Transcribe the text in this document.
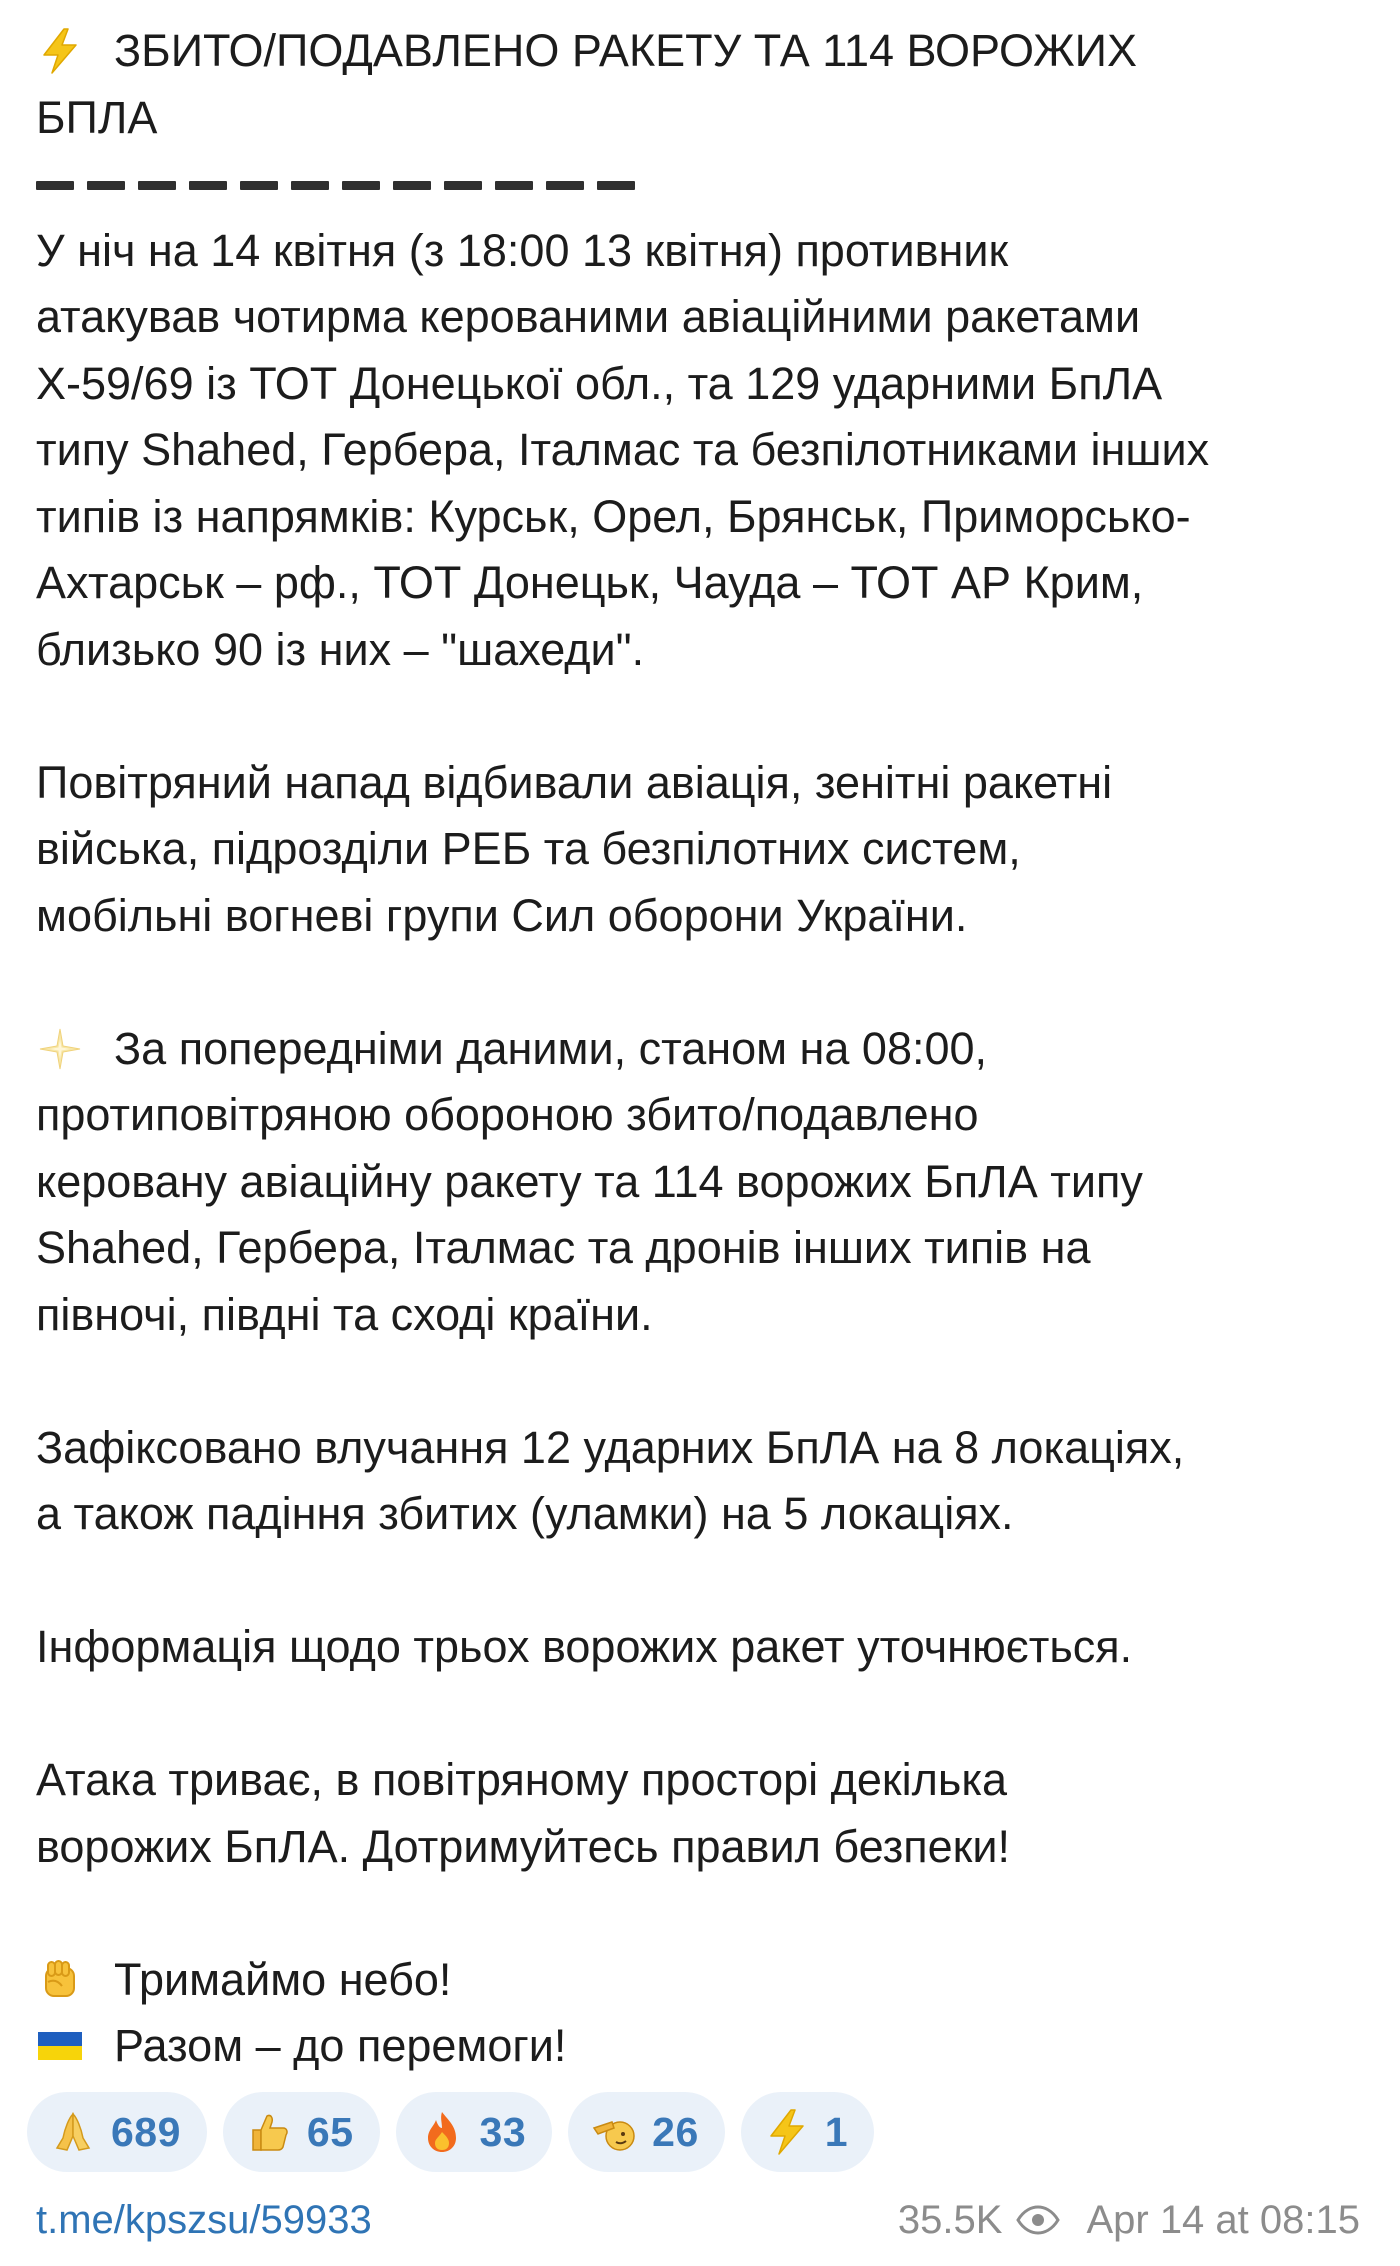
ЗБИТО/ПОДАВЛЕНО РАКЕТУ ТА 114 ВОРОЖИХ
БПЛА
У ніч на 14 квітня (з 18:00 13 квітня) противник
атакував чотирма керованими авіаційними ракетами
Х-59/69 із ТОТ Донецької обл., та 129 ударними БпЛА
типу Shahed, Гербера, Італмас та безпілотниками інших
типів із напрямків: Курськ, Орел, Брянськ, Приморсько-
Ахтарськ – рф., ТОТ Донецьк, Чауда – ТОТ АР Крим,
близько 90 із них – "шахеди".
Повітряний напад відбивали авіація, зенітні ракетні
війська, підрозділи РЕБ та безпілотних систем,
мобільні вогневі групи Сил оборони України.
За попередніми даними, станом на 08:00,
протиповітряною обороною збито/подавлено
керовану авіаційну ракету та 114 ворожих БпЛА типу
Shahed, Гербера, Італмас та дронів інших типів на
півночі, півдні та сході країни.
Зафіксовано влучання 12 ударних БпЛА на 8 локаціях,
а також падіння збитих (уламки) на 5 локаціях.
Інформація щодо трьох ворожих ракет уточнюється.
Атака триває, в повітряному просторі декілька
ворожих БпЛА. Дотримуйтесь правил безпеки!
Тримаймо небо!
Разом – до перемоги!
689	65	33	26	1
t.me/kpszsu/59933	35.5K Apr 14 at 08:15
